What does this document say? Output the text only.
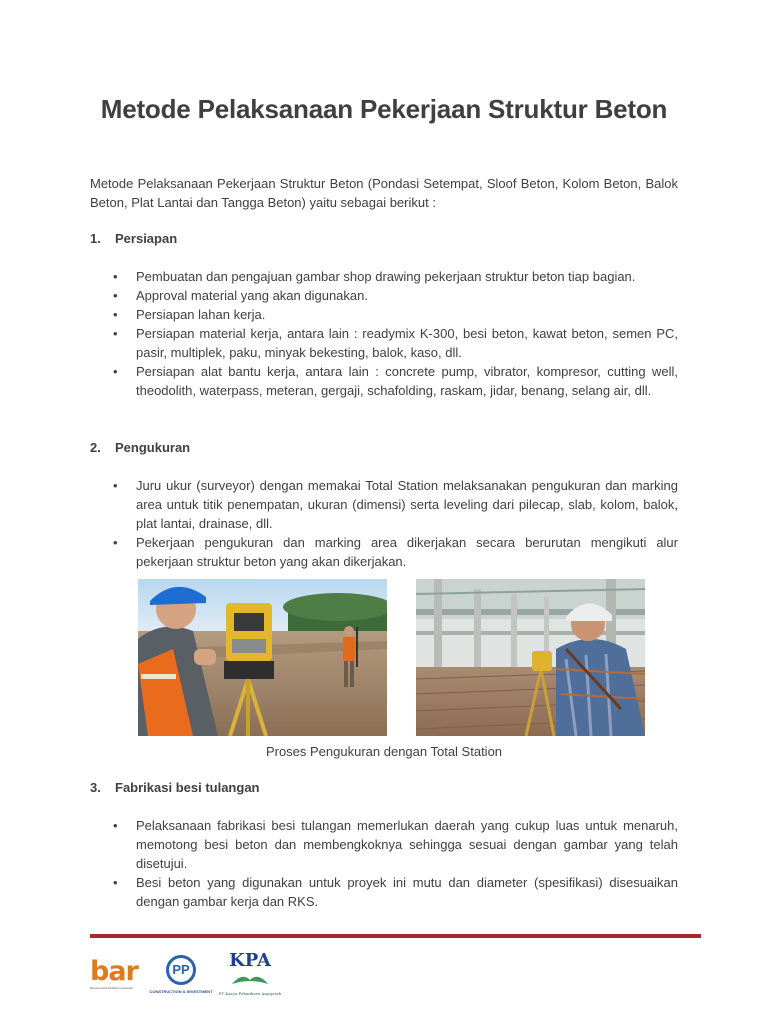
Metode Pelaksanaan Pekerjaan Struktur Beton
Metode Pelaksanaan Pekerjaan Struktur Beton (Pondasi Setempat, Sloof Beton, Kolom Beton, Balok Beton, Plat Lantai dan Tangga Beton) yaitu sebagai berikut :
1. Persiapan
• Pembuatan dan pengajuan gambar shop drawing pekerjaan struktur beton tiap bagian.
• Approval material yang akan digunakan.
• Persiapan lahan kerja.
• Persiapan material kerja, antara lain : readymix K-300, besi beton, kawat beton, semen PC, pasir, multiplek, paku, minyak bekesting, balok, kaso, dll.
• Persiapan alat bantu kerja, antara lain : concrete pump, vibrator, kompresor, cutting well, theodolith, waterpass, meteran, gergaji, schafolding, raskam, jidar, benang, selang air, dll.
2. Pengukuran
• Juru ukur (surveyor) dengan memakai Total Station melaksanakan pengukuran dan marking area untuk titik penempatan, ukuran (dimensi) serta leveling dari pilecap, slab, kolom, balok, plat lantai, drainase, dll.
• Pekerjaan pengukuran dan marking area dikerjakan secara berurutan mengikuti alur pekerjaan struktur beton yang akan dikerjakan.
Proses Pengukuran dengan Total Station
3. Fabrikasi besi tulangan
• Pelaksanaan fabrikasi besi tulangan memerlukan daerah yang cukup luas untuk menaruh, memotong besi beton dan membengkoknya sehingga sesuai dengan gambar yang telah disetujui.
• Besi beton yang digunakan untuk proyek ini mutu dan diameter (spesifikasi) disesuaikan dengan gambar kerja dan RKS.
bar
Bonaventura Andalan Indonesia
PP
CONSTRUCTION & INVESTMENT
KPA
PT Karya Pekanbaru Anugerah
